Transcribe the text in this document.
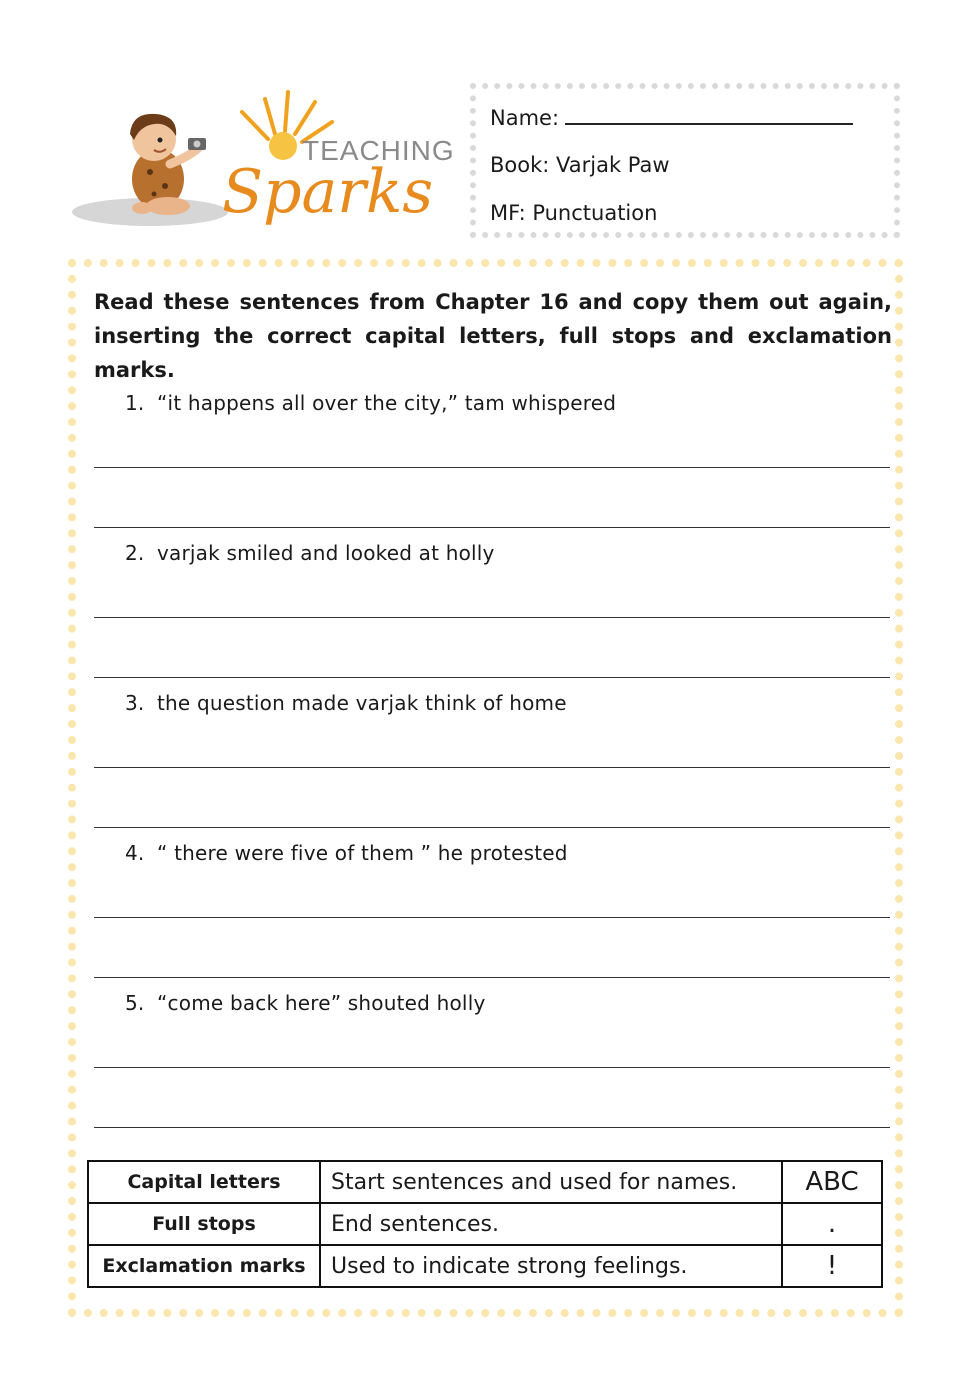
TEACHING
Sparks
Name:
Book: Varjak Paw
MF: Punctuation
Read these sentences from Chapter 16 and copy them out again, inserting the correct capital letters, full stops and exclamation marks.
1. “it happens all over the city,” tam whispered
2. varjak smiled and looked at holly
3. the question made varjak think of home
4. “ there were five of them ” he protested
5. “come back here” shouted holly
Capital letters	Start sentences and used for names.	ABC
Full stops	End sentences.	.
Exclamation marks	Used to indicate strong feelings.	!
